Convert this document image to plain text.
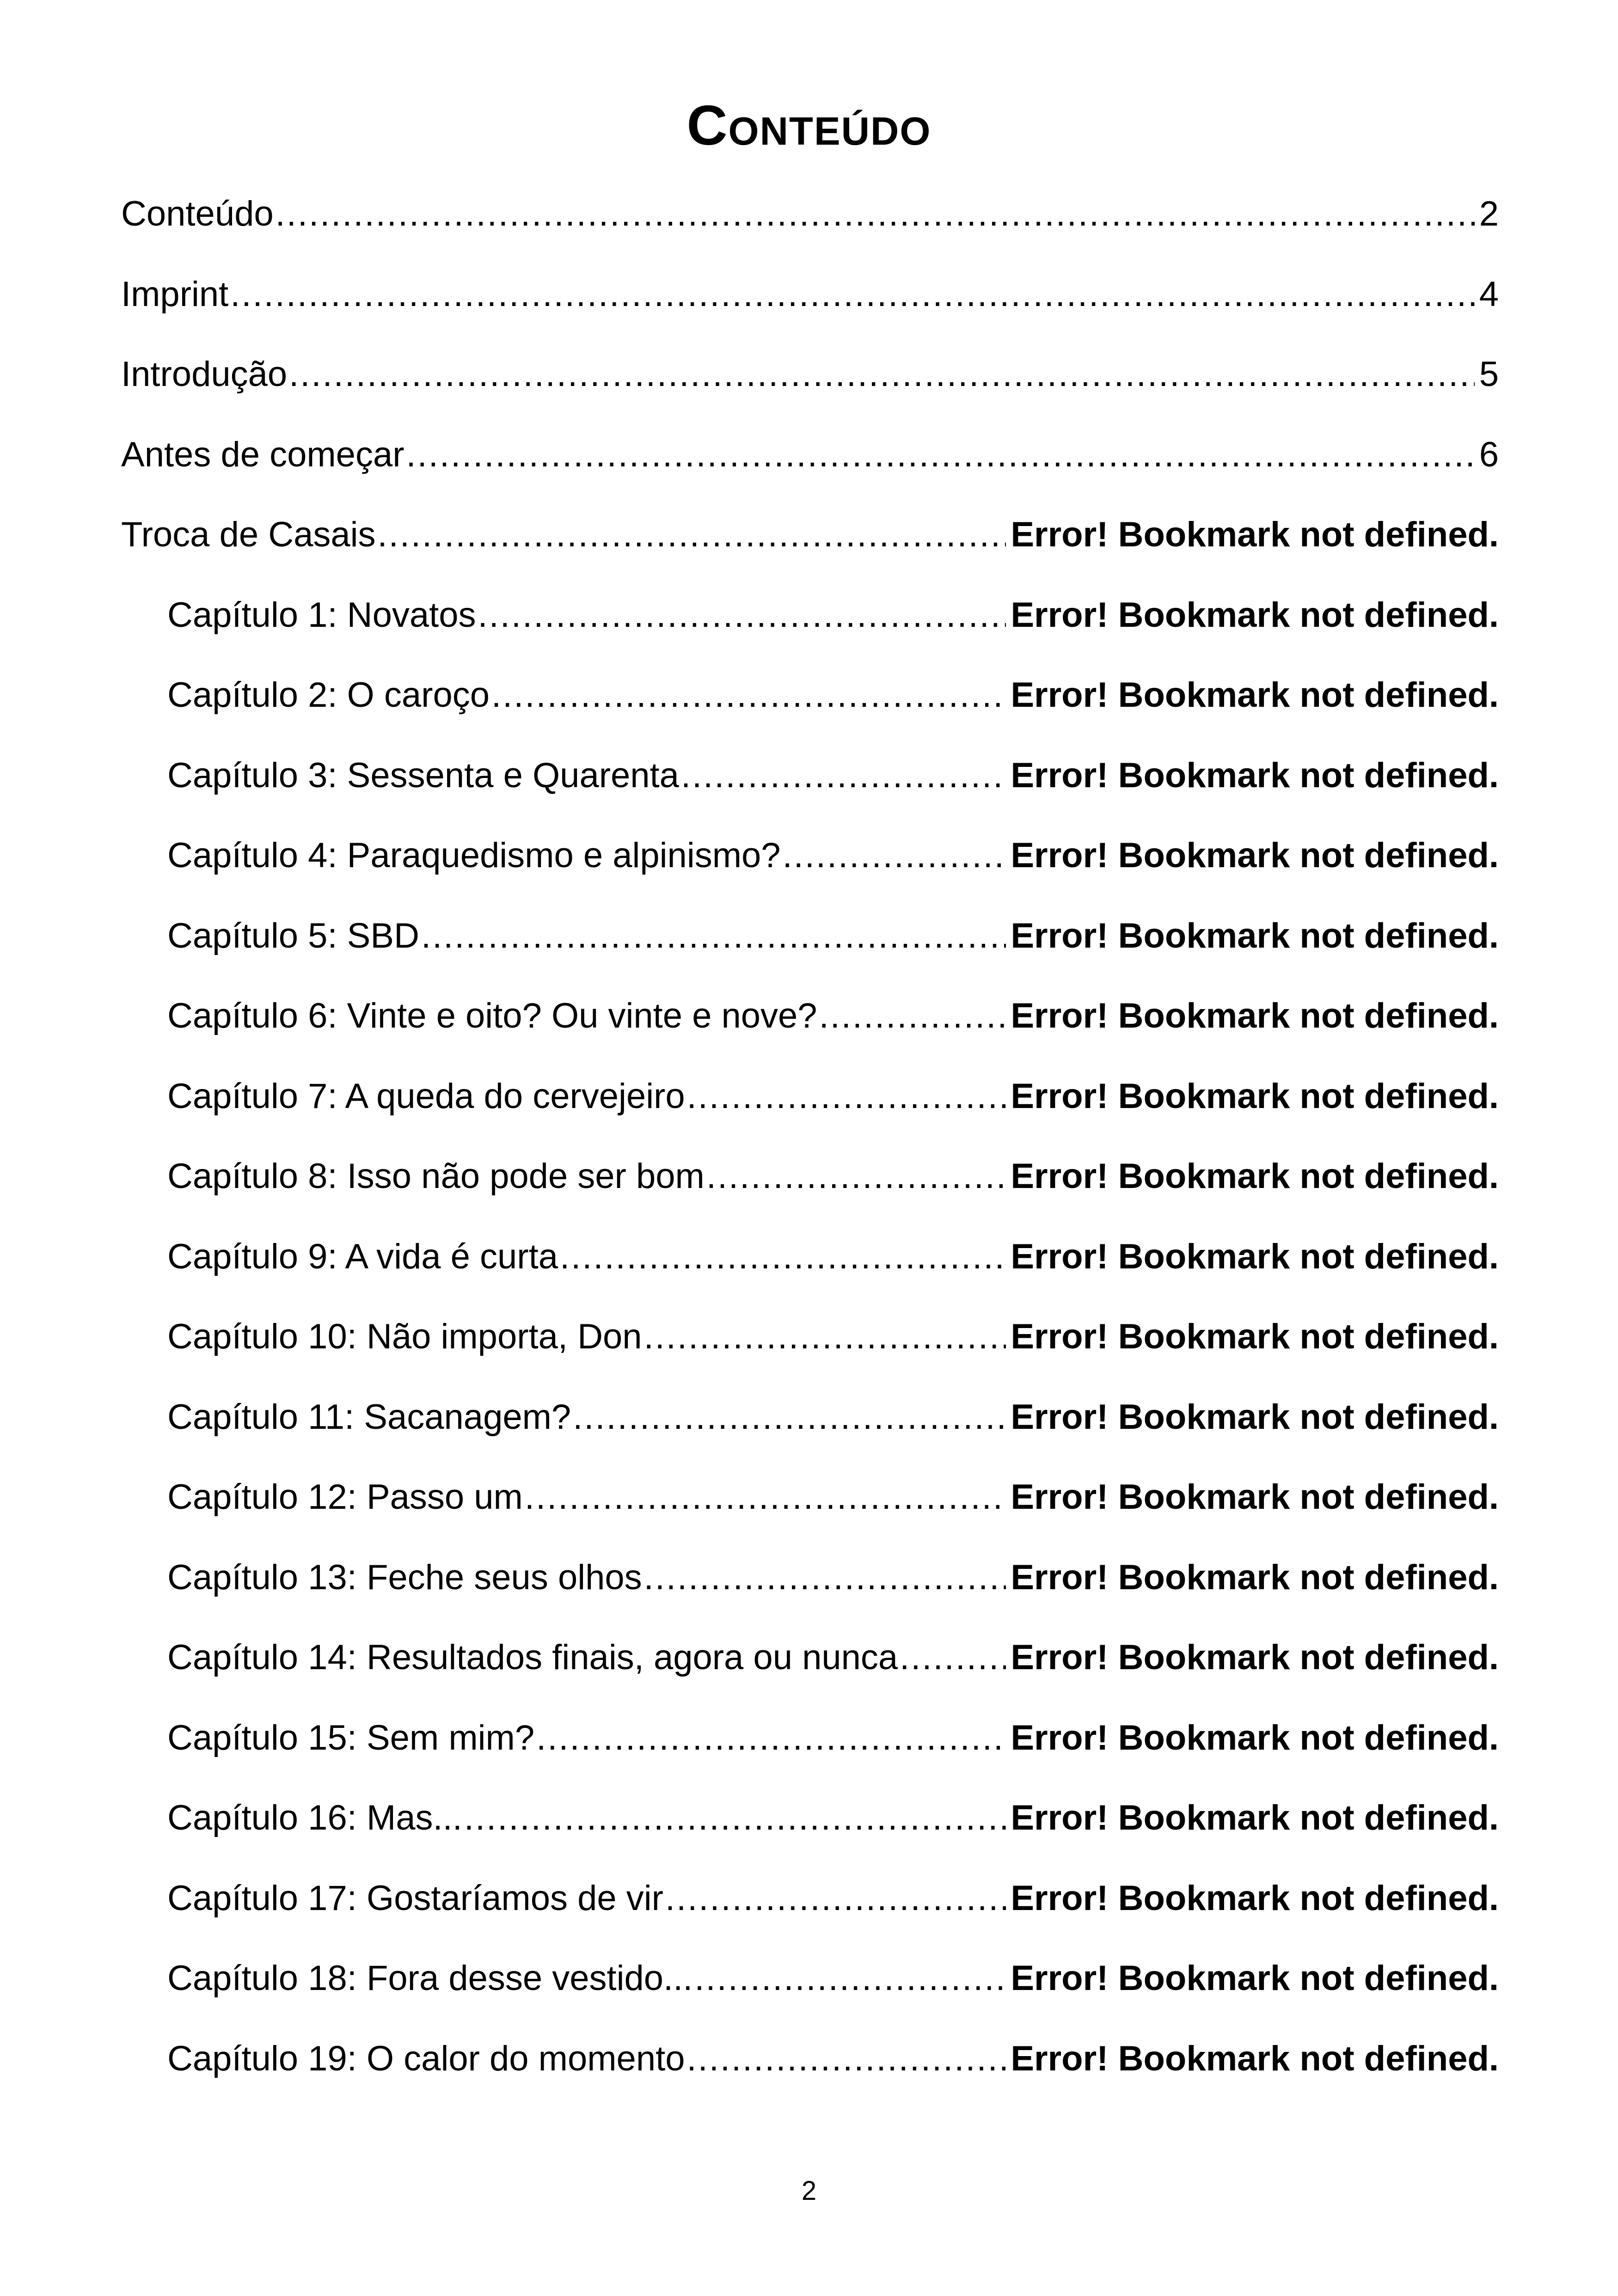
Conteúdo
Conteúdo .....	2
Imprint .....	4
Introdução .....	5
Antes de começar .....	6
Troca de Casais .....	Error! Bookmark not defined.
Capítulo 1: Novatos .....	Error! Bookmark not defined.
Capítulo 2: O caroço .....	Error! Bookmark not defined.
Capítulo 3: Sessenta e Quarenta .....	Error! Bookmark not defined.
Capítulo 4: Paraquedismo e alpinismo? .....	Error! Bookmark not defined.
Capítulo 5: SBD .....	Error! Bookmark not defined.
Capítulo 6: Vinte e oito? Ou vinte e nove? .....	Error! Bookmark not defined.
Capítulo 7: A queda do cervejeiro .....	Error! Bookmark not defined.
Capítulo 8: Isso não pode ser bom .....	Error! Bookmark not defined.
Capítulo 9: A vida é curta .....	Error! Bookmark not defined.
Capítulo 10: Não importa, Don .....	Error! Bookmark not defined.
Capítulo 11: Sacanagem? .....	Error! Bookmark not defined.
Capítulo 12: Passo um .....	Error! Bookmark not defined.
Capítulo 13: Feche seus olhos .....	Error! Bookmark not defined.
Capítulo 14: Resultados finais, agora ou nunca .....	Error! Bookmark not defined.
Capítulo 15: Sem mim? .....	Error! Bookmark not defined.
Capítulo 16: Mas... .....	Error! Bookmark not defined.
Capítulo 17: Gostaríamos de vir .....	Error! Bookmark not defined.
Capítulo 18: Fora desse vestido... .....	Error! Bookmark not defined.
Capítulo 19: O calor do momento .....	Error! Bookmark not defined.
2
